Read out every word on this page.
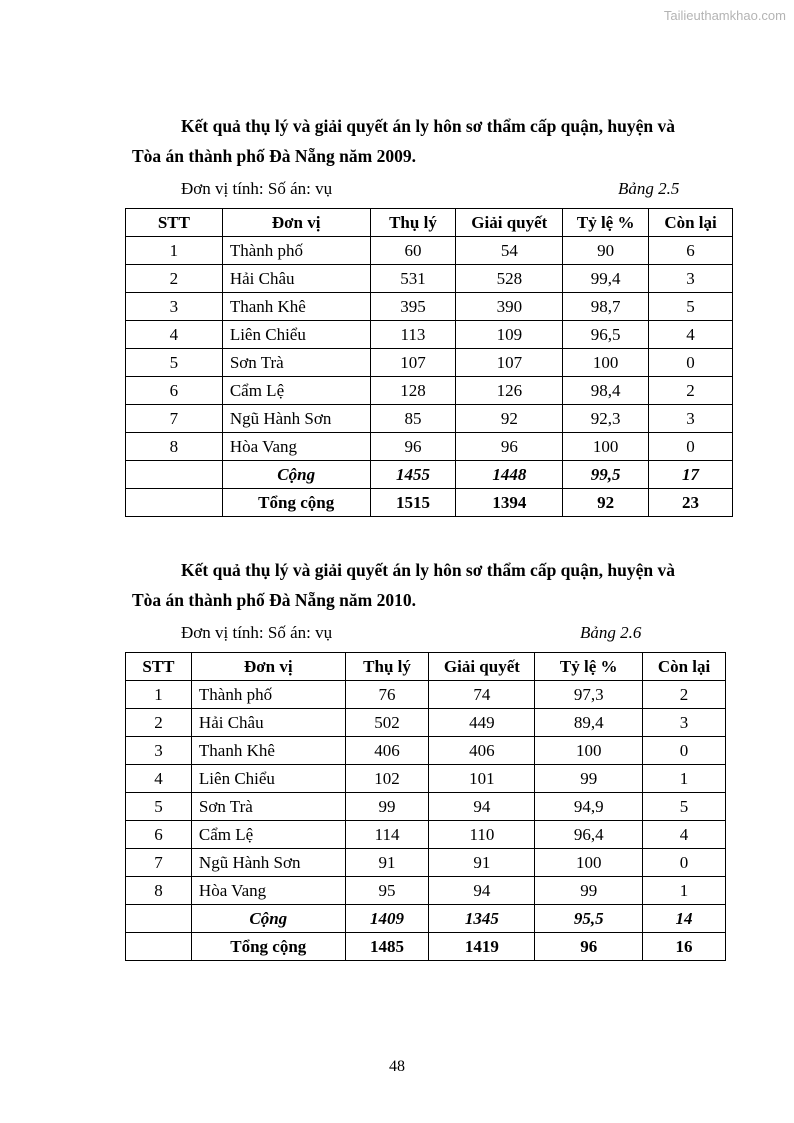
Tailieuthamkhao.com
Kết quả thụ lý và giải quyết án ly hôn sơ thẩm cấp quận, huyện và
Tòa án thành phố Đà Nẵng năm 2009.
Đơn vị tính: Số án: vụ	Bảng 2.5
STT	Đơn vị	Thụ lý	Giải quyết	Tỷ lệ %	Còn lại
1	Thành phố	60	54	90	6
2	Hải Châu	531	528	99,4	3
3	Thanh Khê	395	390	98,7	5
4	Liên Chiểu	113	109	96,5	4
5	Sơn Trà	107	107	100	0
6	Cẩm Lệ	128	126	98,4	2
7	Ngũ Hành Sơn	85	92	92,3	3
8	Hòa Vang	96	96	100	0
	Cộng	1455	1448	99,5	17
	Tổng cộng	1515	1394	92	23
Kết quả thụ lý và giải quyết án ly hôn sơ thẩm cấp quận, huyện và
Tòa án thành phố Đà Nẵng năm 2010.
Đơn vị tính: Số án: vụ	Bảng 2.6
STT	Đơn vị	Thụ lý	Giải quyết	Tỷ lệ %	Còn lại
1	Thành phố	76	74	97,3	2
2	Hải Châu	502	449	89,4	3
3	Thanh Khê	406	406	100	0
4	Liên Chiểu	102	101	99	1
5	Sơn Trà	99	94	94,9	5
6	Cẩm Lệ	114	110	96,4	4
7	Ngũ Hành Sơn	91	91	100	0
8	Hòa Vang	95	94	99	1
	Cộng	1409	1345	95,5	14
	Tổng cộng	1485	1419	96	16
48
